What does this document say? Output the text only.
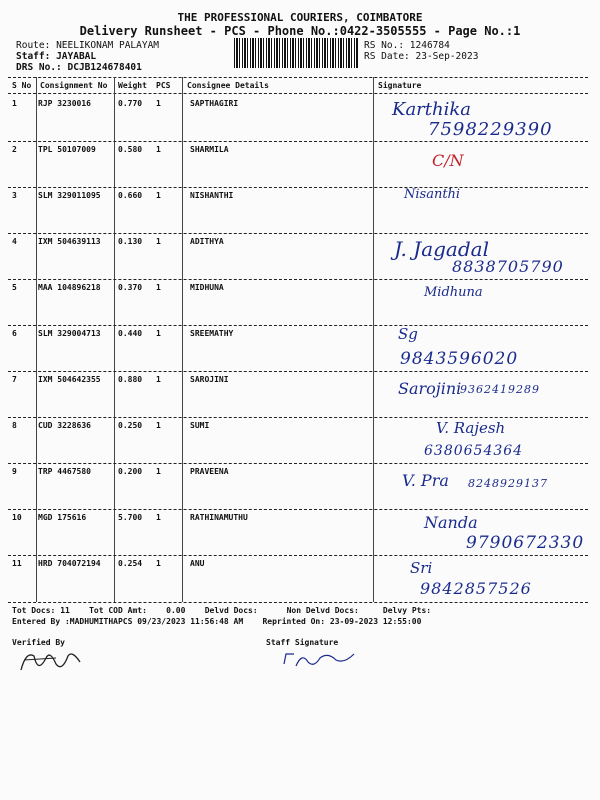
THE PROFESSIONAL COURIERS, COIMBATORE
Delivery Runsheet - PCS - Phone No.:0422-3505555 - Page No.:1
Route: NEELIKONAM PALAYAM
Staff: JAYABAL
DRS No.: DCJB124678401
RS No.: 1246784
RS Date: 23-Sep-2023
S No Consignment No Weight PCS Consignee Details	Signature
1	RJP 3230016	0.770 1	SAPTHAGIRI	Karthika
7598229390
2	TPL 50107009	0.580 1	SHARMILA
C/N
3	SLM 329011095 0.660 1	NISHANTHI	Nisanthi
4	IXM 504639113 0.130 1	ADITHYA	J. Jagadal
8838705790
5	MAA 104896218 0.370 1	MIDHUNA	Midhuna
6	SLM 329004713 0.440 1	SREEMATHY	Sg
9843596020
7	IXM 504642355 0.880 1	SAROJINI	Sarojini
9362419289
8	CUD 3228636	0.250 1	SUMI	V. Rajesh
6380654364
9	TRP 4467580	0.200 1	PRAVEENA	V. Pra 8248929137
10 MGD 175616	5.700 1	RATHINAMUTHU	Nanda
9790672330
11 HRD 704072194 0.254 1	ANU	Sri
9842857526
Tot Docs: 11 Tot COD Amt: 0.00 Delvd Docs:	Non Delvd Docs:	Delvy Pts:
Entered By :MADHUMITHAPCS 09/23/2023 11:56:48 AM Reprinted On: 23-09-2023 12:55:00
Verified By	Staff Signature
